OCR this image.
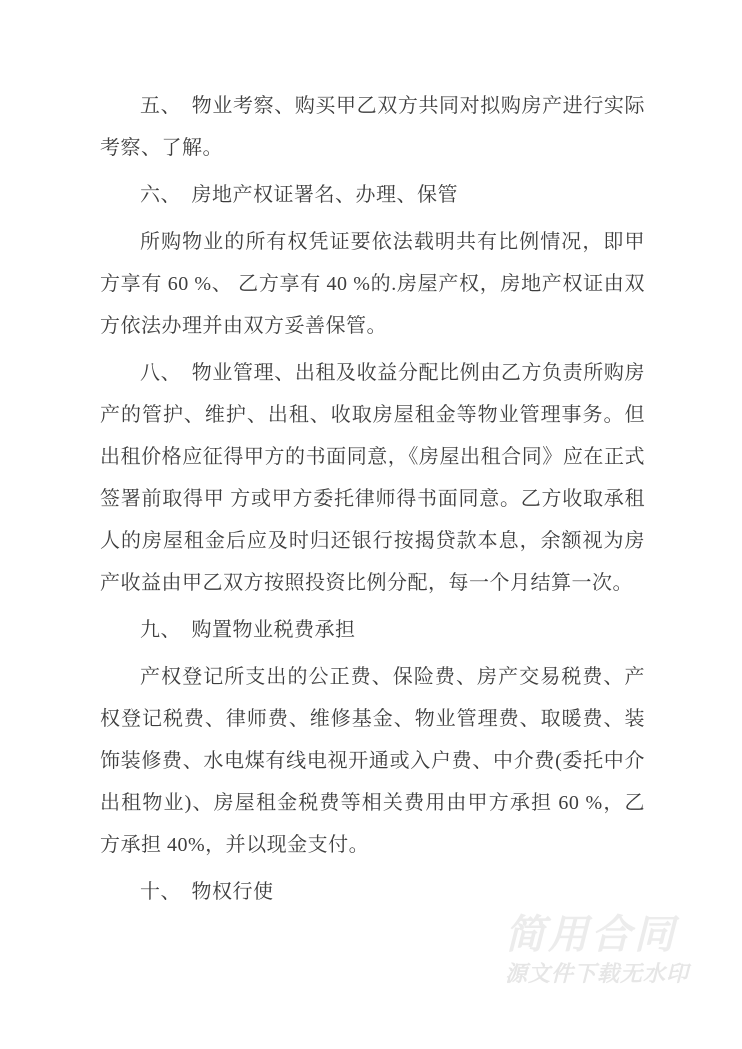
五、　物业考察、购买甲乙双方共同对拟购房产进行实际考察、了解。

六、　房地产权证署名、办理、保管

所购物业的所有权凭证要依法载明共有比例情况，即甲方享有 60 %、 乙方享有 40 %的.房屋产权，房地产权证由双方依法办理并由双方妥善保管。

八、　物业管理、出租及收益分配比例由乙方负责所购房产的管护、维护、出租、收取房屋租金等物业管理事务。但出租价格应征得甲方的书面同意，《房屋出租合同》应在正式签署前取得甲 方或甲方委托律师得书面同意。乙方收取承租人的房屋租金后应及时归还银行按揭贷款本息，余额视为房产收益由甲乙双方按照投资比例分配，每一个月结算一次。

九、　购置物业税费承担

产权登记所支出的公正费、保险费、房产交易税费、产权登记税费、律师费、维修基金、物业管理费、取暖费、装饰装修费、水电煤有线电视开通或入户费、中介费(委托中介出租物业)、房屋租金税费等相关费用由甲方承担 60 %，乙方承担 40%，并以现金支付。

十、　物权行使

简用合同
源文件下载无水印
